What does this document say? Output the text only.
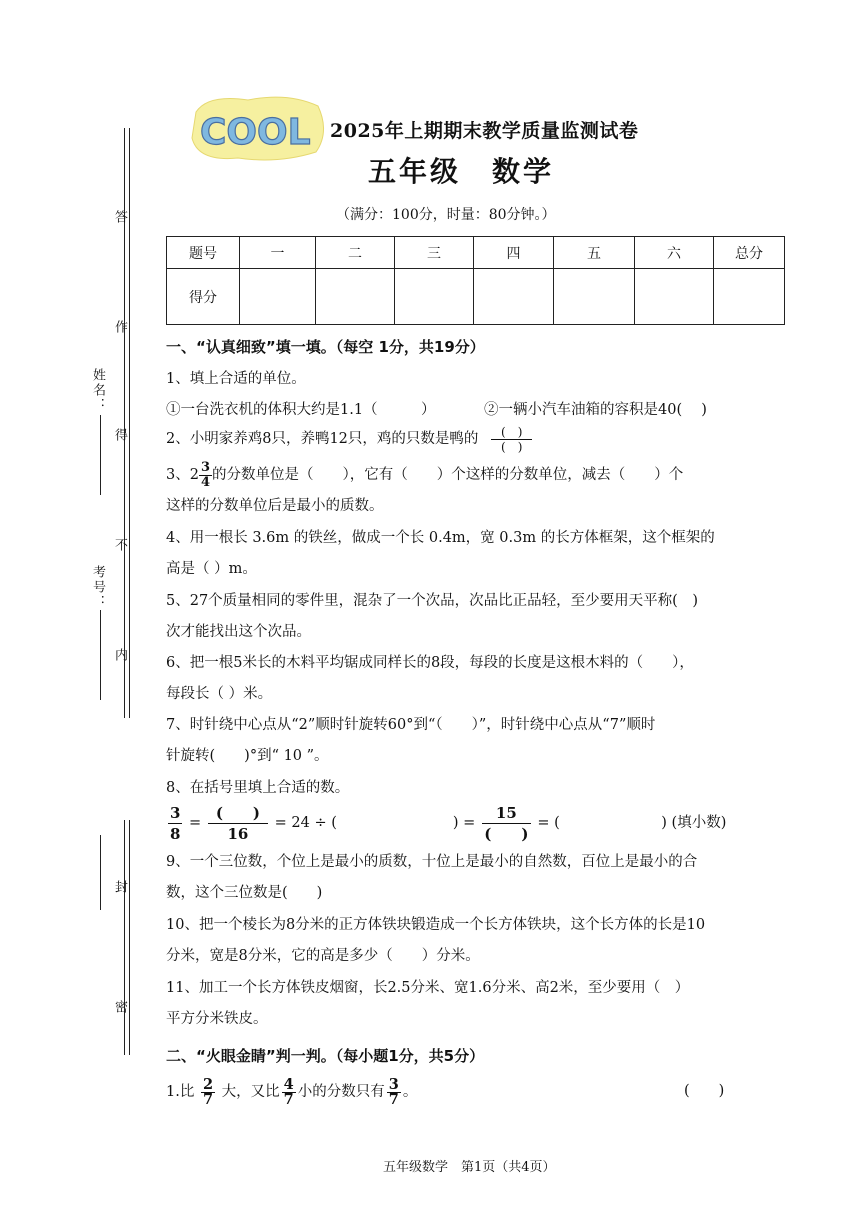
答
作
得
不
内
封
密
姓名：
考号：
COOL 2025年上期期末教学质量监测试卷
五年级　数学
（满分：100分，时量：80分钟。）
题号	一	二	三	四	五	六	总分
得分							
一、“认真细致”填一填。（每空 1分，共19分）
1、填上合适的单位。
①一台洗衣机的体积大约是1.1（　　　）	②一辆小汽车油箱的容积是40(　 )
2、小明家养鸡8只，养鸭12只，鸡的只数是鸭的 $\frac{( )}{( )}$
3、$2 \frac{3}{4}$ 的分数单位是（　　），它有（　　）个这样的分数单位，减去（　　）个
这样的分数单位后是最小的质数。
4、用一根长 3.6m 的铁丝，做成一个长 0.4m，宽 0.3m 的长方体框架，这个框架的
高是（ ）m。
5、27个质量相同的零件里，混杂了一个次品，次品比正品轻，至少要用天平称(　)
次才能找出这个次品。
6、把一根5米长的木料平均锯成同样长的8段，每段的长度是这根木料的（　　），
每段长（ ）米。
7、时针绕中心点从“2”顺时针旋转60°到“（　　）”，时针绕中心点从“7”顺时
针旋转(　　)°到“ 10 ”。
8、在括号里填上合适的数。
$\frac{3}{8} = \frac{( )}{16} = 24$ ÷ (　　　　　　　　) = $\frac{15}{( )}$ = (　　　　　　　) (填小数)
9、一个三位数，个位上是最小的质数，十位上是最小的自然数，百位上是最小的合
数，这个三位数是(　　)
10、把一个棱长为8分米的正方体铁块锻造成一个长方体铁块，这个长方体的长是10
分米，宽是8分米，它的高是多少（　　）分米。
11、加工一个长方体铁皮烟窗，长2.5分米、宽1.6分米、高2米，至少要用（　）
平方分米铁皮。
二、“火眼金睛”判一判。（每小题1分，共5分）
1.比 $\frac{2}{7}$ 大，又比 $\frac{4}{7}$ 小的分数只有 $\frac{3}{7}$ 。	(　　)
五年级数学　第1页（共4页）
